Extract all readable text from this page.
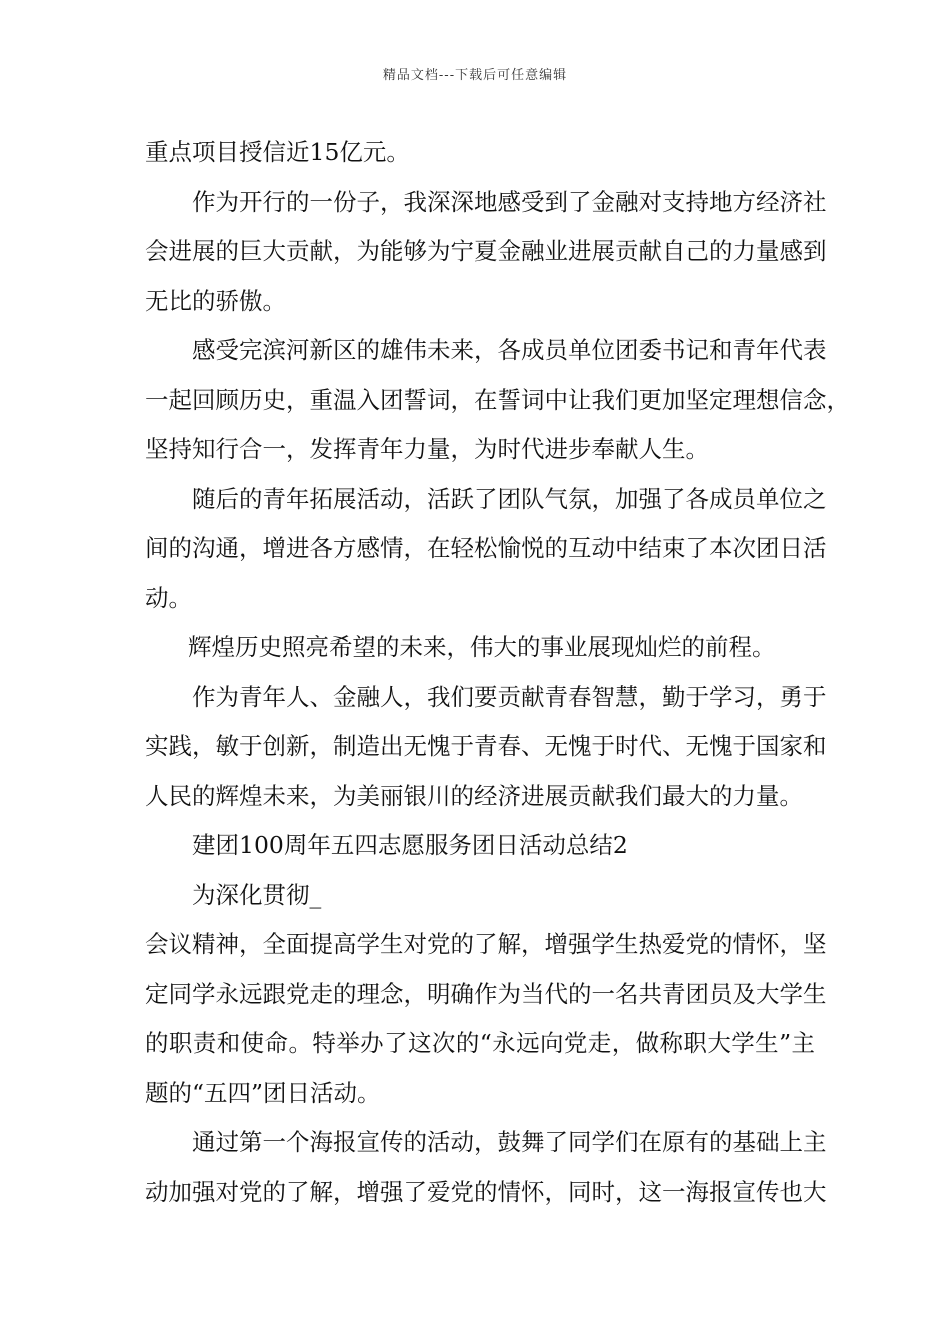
精品文档---下载后可任意编辑
重点项目授信近15亿元。
作为开行的一份子，我深深地感受到了金融对支持地方经济社
会进展的巨大贡献，为能够为宁夏金融业进展贡献自己的力量感到
无比的骄傲。
感受完滨河新区的雄伟未来，各成员单位团委书记和青年代表
一起回顾历史，重温入团誓词，在誓词中让我们更加坚定理想信念，
坚持知行合一，发挥青年力量，为时代进步奉献人生。
随后的青年拓展活动，活跃了团队气氛，加强了各成员单位之
间的沟通，增进各方感情，在轻松愉悦的互动中结束了本次团日活
动。
辉煌历史照亮希望的未来，伟大的事业展现灿烂的前程。
作为青年人、金融人，我们要贡献青春智慧，勤于学习，勇于
实践，敏于创新，制造出无愧于青春、无愧于时代、无愧于国家和
人民的辉煌未来，为美丽银川的经济进展贡献我们最大的力量。
建团100周年五四志愿服务团日活动总结2
为深化贯彻_
会议精神，全面提高学生对党的了解，增强学生热爱党的情怀，坚
定同学永远跟党走的理念，明确作为当代的一名共青团员及大学生
的职责和使命。特举办了这次的“永远向党走，做称职大学生”主
题的“五四”团日活动。
通过第一个海报宣传的活动，鼓舞了同学们在原有的基础上主
动加强对党的了解，增强了爱党的情怀，同时，这一海报宣传也大
